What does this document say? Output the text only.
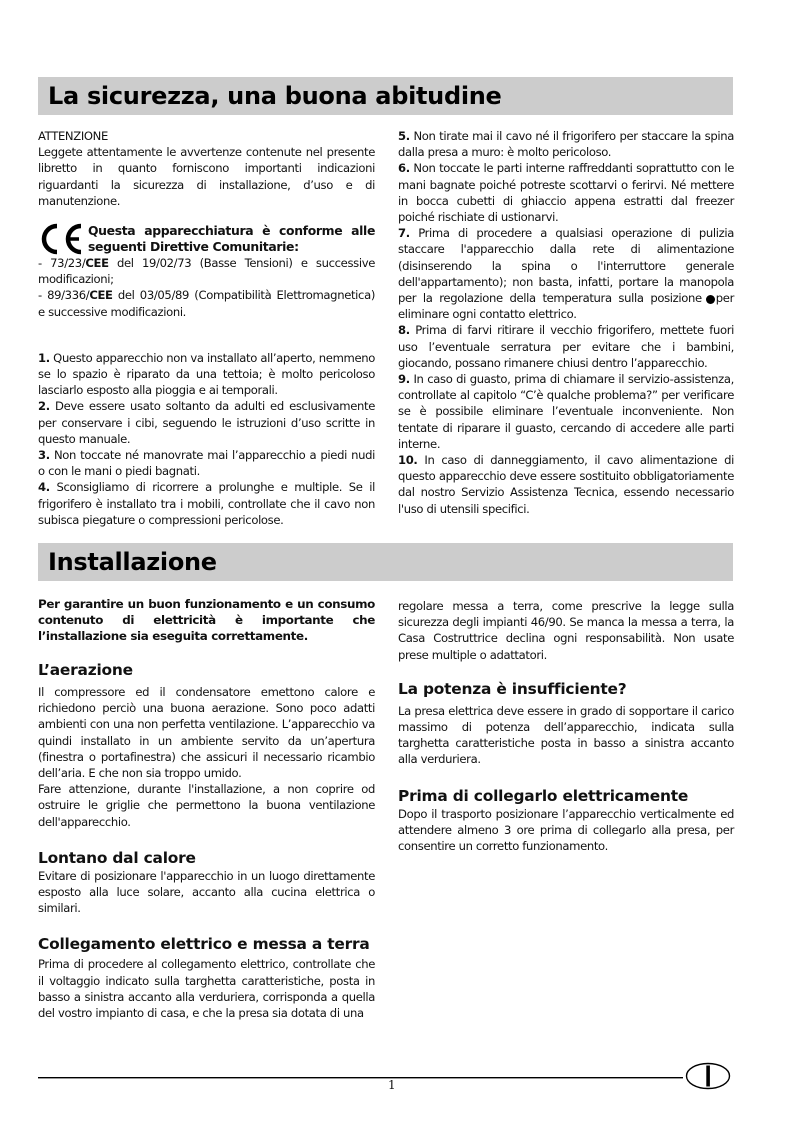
La sicurezza, una buona abitudine

ATTENZIONE

Leggete attentamente le avvertenze contenute nel presente libretto in quanto forniscono importanti indicazioni riguardanti la sicurezza di installazione, d’uso e di manutenzione.

Questa apparecchiatura è conforme alle seguenti Direttive Comunitarie:

- 73/23/CEE del 19/02/73 (Basse Tensioni) e successive modificazioni;

- 89/336/CEE del 03/05/89 (Compatibilità Elettromagnetica) e successive modificazioni.

1. Questo apparecchio non va installato all’aperto, nemmeno se lo spazio è riparato da una tettoia; è molto pericoloso lasciarlo esposto alla pioggia e ai temporali.

2. Deve essere usato soltanto da adulti ed esclusivamente per conservare i cibi, seguendo le istruzioni d’uso scritte in questo manuale.

3. Non toccate né manovrate mai l’apparecchio a piedi nudi o con le mani o piedi bagnati.

4. Sconsigliamo di ricorrere a prolunghe e multiple. Se il frigorifero è installato tra i mobili, controllate che il cavo non subisca piegature o compressioni pericolose.

5. Non tirate mai il cavo né il frigorifero per staccare la spina dalla presa a muro: è molto pericoloso.

6. Non toccate le parti interne raffreddanti soprattutto con le mani bagnate poiché potreste scottarvi o ferirvi. Né mettere in bocca cubetti di ghiaccio appena estratti dal freezer poiché rischiate di ustionarvi.

7. Prima di procedere a qualsiasi operazione di pulizia staccare l'apparecchio dalla rete di alimentazione (disinserendo la spina o l'interruttore generale dell'appartamento); non basta, infatti, portare la manopola per la regolazione della temperatura sulla posizione per eliminare ogni contatto elettrico.

8. Prima di farvi ritirare il vecchio frigorifero, mettete fuori uso l’eventuale serratura per evitare che i bambini, giocando, possano rimanere chiusi dentro l’apparecchio.

9. In caso di guasto, prima di chiamare il servizio-assistenza, controllate al capitolo “C’è qualche problema?” per verificare se è possibile eliminare l’eventuale inconveniente. Non tentate di riparare il guasto, cercando di accedere alle parti interne.

10. In caso di danneggiamento, il cavo alimentazione di questo apparecchio deve essere sostituito obbligatoriamente dal nostro Servizio Assistenza Tecnica, essendo necessario l'uso di utensili specifici.

Installazione

Per garantire un buon funzionamento e un consumo contenuto di elettricità è importante che l’installazione sia eseguita correttamente.

L’aerazione

Il compressore ed il condensatore emettono calore e richiedono perciò una buona aerazione. Sono poco adatti ambienti con una non perfetta ventilazione. L’apparecchio va quindi installato in un ambiente servito da un’apertura (finestra o portafinestra) che assicuri il necessario ricambio dell’aria. E che non sia troppo umido.

Fare attenzione, durante l'installazione, a non coprire od ostruire le griglie che permettono la buona ventilazione dell'apparecchio.

Lontano dal calore

Evitare di posizionare l'apparecchio in un luogo direttamente esposto alla luce solare, accanto alla cucina elettrica o similari.

Collegamento elettrico e messa a terra

Prima di procedere al collegamento elettrico, controllate che il voltaggio indicato sulla targhetta caratteristiche, posta in basso a sinistra accanto alla verduriera, corrisponda a quella del vostro impianto di casa, e che la presa sia dotata di una

regolare messa a terra, come prescrive la legge sulla sicurezza degli impianti 46/90. Se manca la messa a terra, la Casa Costruttrice declina ogni responsabilità. Non usate prese multiple o adattatori.

La potenza è insufficiente?

La presa elettrica deve essere in grado di sopportare il carico massimo di potenza dell’apparecchio, indicata sulla targhetta caratteristiche posta in basso a sinistra accanto alla verduriera.

Prima di collegarlo elettricamente

Dopo il trasporto posizionare l’apparecchio verticalmente ed attendere almeno 3 ore prima di collegarlo alla presa, per consentire un corretto funzionamento.

1
